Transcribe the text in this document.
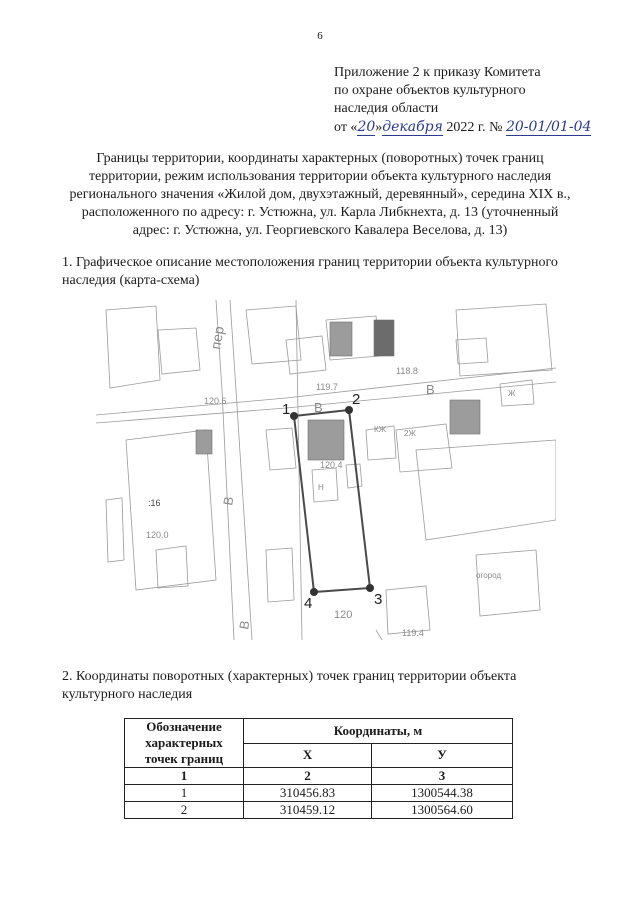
6
Приложение 2 к приказу Комитета
по охране объектов культурного
наследия области
от «20»декабря 2022 г. № 20-01/01-04
Границы территории, координаты характерных (поворотных) точек границ
территории, режим использования территории объекта культурного наследия
регионального значения «Жилой дом, двухэтажный, деревянный», середина XIX в.,
расположенного по адресу: г. Устюжна, ул. Карла Либкнехта, д. 13 (уточненный
адрес: г. Устюжна, ул. Георгиевского Кавалера Веселова, д. 13)
1. Графическое описание местоположения границ территории объекта культурного
наследия (карта-схема)
1
2
3
4
пер
В
В
В
В
119.7
118.8
120.6
120.4
120.0
119.4
120
:16
КЖ 2Ж
Ж
Н
огород
2. Координаты поворотных (характерных) точек границ территории объекта
культурного наследия
Обозначение характерных точек границ	Координаты, м	
	X	У
1	2	3
1	310456.83	1300544.38
2	310459.12	1300564.60
